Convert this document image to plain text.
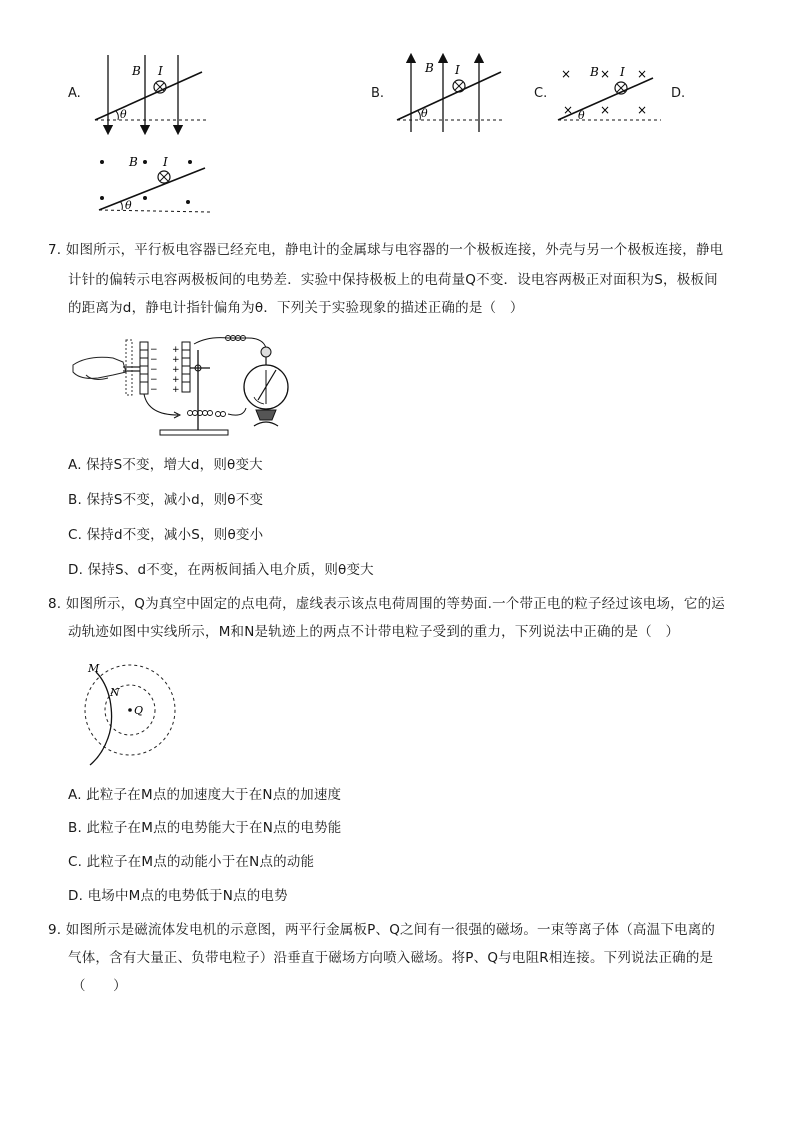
A.	B.	C.	D.
B I
θ
B I
θ
× B × I ×
× × ×
θ
B I
θ
7. 如图所示，平行板电容器已经充电，静电计的金属球与电容器的一个极板连接，外壳与另一个极板连接，静电
计针的偏转示电容两极板间的电势差．实验中保持极板上的电荷量Q不变．设电容两极正对面积为S，极板间
的距离为d，静电计指针偏角为θ．下列关于实验现象的描述正确的是（　）
−
−
−
−
−
+
+
+
+
+
A. 保持S不变，增大d，则θ变大
B. 保持S不变，减小d，则θ不变
C. 保持d不变，减小S，则θ变小
D. 保持S、d不变，在两板间插入电介质，则θ变大
8. 如图所示，Q为真空中固定的点电荷，虚线表示该点电荷周围的等势面.一个带正电的粒子经过该电场，它的运
动轨迹如图中实线所示，M和N是轨迹上的两点不计带电粒子受到的重力，下列说法中正确的是（　）
Q
M
N
A. 此粒子在M点的加速度大于在N点的加速度
B. 此粒子在M点的电势能大于在N点的电势能
C. 此粒子在M点的动能小于在N点的动能
D. 电场中M点的电势低于N点的电势
9. 如图所示是磁流体发电机的示意图，两平行金属板P、Q之间有一很强的磁场。一束等离子体（高温下电离的
气体，含有大量正、负带电粒子）沿垂直于磁场方向喷入磁场。将P、Q与电阻R相连接。下列说法正确的是
（　　）
